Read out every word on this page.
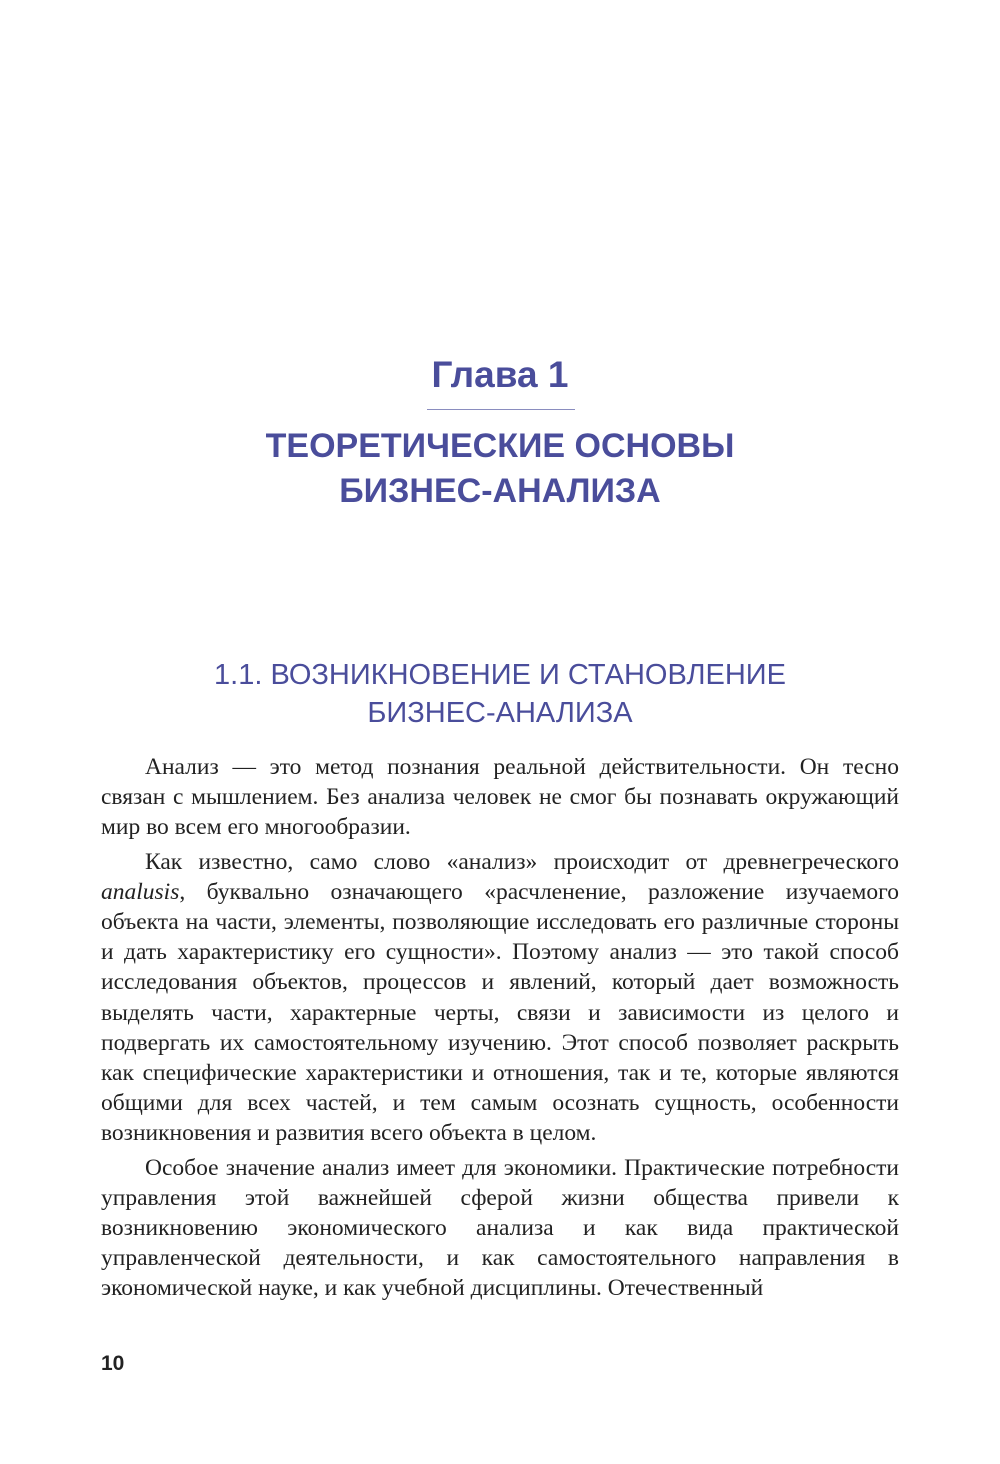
Глава 1
ТЕОРЕТИЧЕСКИЕ ОСНОВЫ
БИЗНЕС-АНАЛИЗА
1.1. ВОЗНИКНОВЕНИЕ И СТАНОВЛЕНИЕ
БИЗНЕС-АНАЛИЗА

Анализ — это метод познания реальной действительности. Он тесно связан с мышлением. Без анализа человек не смог бы познавать окружающий мир во всем его многообразии.

Как известно, само слово «анализ» происходит от древнегреческого analusis, буквально означающего «расчленение, разложение изучаемого объекта на части, элементы, позволяющие исследовать его различные стороны и дать характеристику его сущности». Поэтому анализ — это такой способ исследования объектов, процессов и явлений, который дает возможность выделять части, характерные черты, связи и зависимости из целого и подвергать их самостоятельному изучению. Этот способ позволяет раскрыть как специфические характеристики и отношения, так и те, которые являются общими для всех частей, и тем самым осознать сущность, особенности возникновения и развития всего объекта в целом.

Особое значение анализ имеет для экономики. Практические потребности управления этой важнейшей сферой жизни общества привели к возникновению экономического анализа и как вида практической управленческой деятельности, и как самостоятельного направления в экономической науке, и как учебной дисциплины. Отечественный

10
